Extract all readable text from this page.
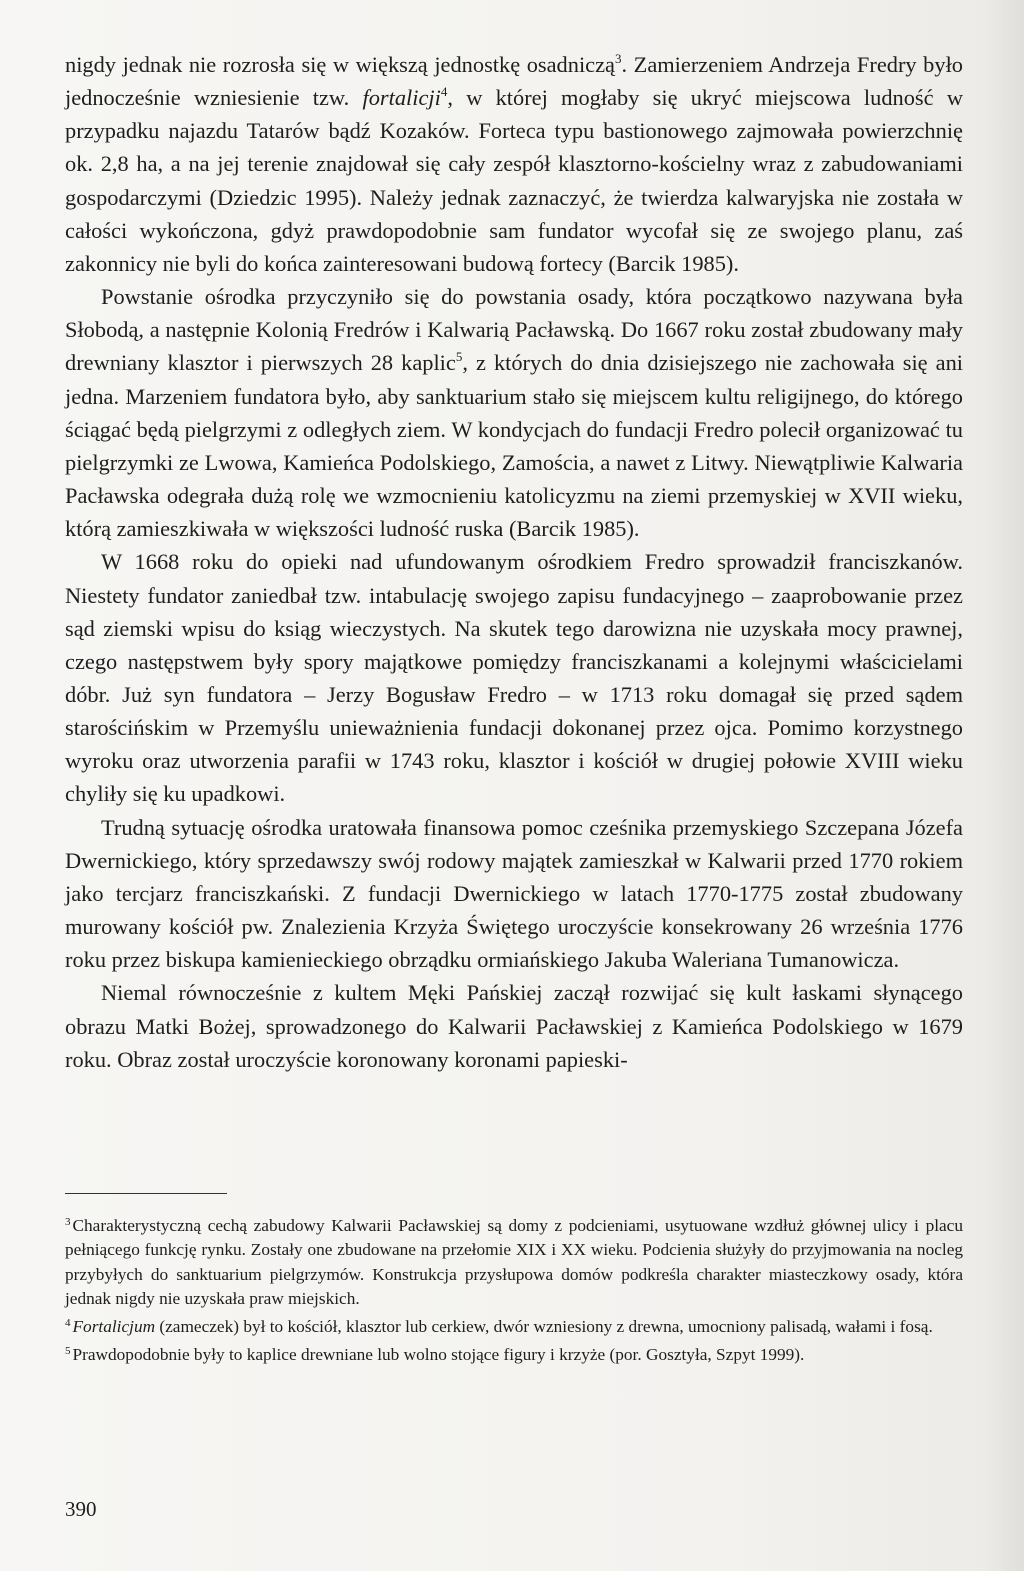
nigdy jednak nie rozrosła się w większą jednostkę osadniczą$^3$. Zamierzeniem Andrzeja Fredry było jednocześnie wzniesienie tzw. fortalicji$^4$, w której mogłaby się ukryć miejscowa ludność w przypadku najazdu Tatarów bądź Kozaków. Forteca typu bastionowego zajmowała powierzchnię ok. 2,8 ha, a na jej terenie znajdował się cały zespół klasztorno-kościelny wraz z zabudowaniami gospodarczymi (Dziedzic 1995). Należy jednak zaznaczyć, że twierdza kalwaryjska nie została w całości wykończona, gdyż prawdopodobnie sam fundator wycofał się ze swojego planu, zaś zakonnicy nie byli do końca zainteresowani budową fortecy (Barcik 1985).

Powstanie ośrodka przyczyniło się do powstania osady, która początkowo nazywana była Słobodą, a następnie Kolonią Fredrów i Kalwarią Pacławską. Do 1667 roku został zbudowany mały drewniany klasztor i pierwszych 28 kaplic$^5$, z których do dnia dzisiejszego nie zachowała się ani jedna. Marzeniem fundatora było, aby sanktuarium stało się miejscem kultu religijnego, do którego ściągać będą pielgrzymi z odległych ziem. W kondycjach do fundacji Fredro polecił organizować tu pielgrzymki ze Lwowa, Kamieńca Podolskiego, Zamościa, a nawet z Litwy. Niewątpliwie Kalwaria Pacławska odegrała dużą rolę we wzmocnieniu katolicyzmu na ziemi przemyskiej w XVII wieku, którą zamieszkiwała w większości ludność ruska (Barcik 1985).

W 1668 roku do opieki nad ufundowanym ośrodkiem Fredro sprowadził franciszkanów. Niestety fundator zaniedbał tzw. intabulację swojego zapisu fundacyjnego – zaaprobowanie przez sąd ziemski wpisu do ksiąg wieczystych. Na skutek tego darowizna nie uzyskała mocy prawnej, czego następstwem były spory majątkowe pomiędzy franciszkanami a kolejnymi właścicielami dóbr. Już syn fundatora – Jerzy Bogusław Fredro – w 1713 roku domagał się przed sądem starościńskim w Przemyślu unieważnienia fundacji dokonanej przez ojca. Pomimo korzystnego wyroku oraz utworzenia parafii w 1743 roku, klasztor i kościół w drugiej połowie XVIII wieku chyliły się ku upadkowi.

Trudną sytuację ośrodka uratowała finansowa pomoc cześnika przemyskiego Szczepana Józefa Dwernickiego, który sprzedawszy swój rodowy majątek zamieszkał w Kalwarii przed 1770 rokiem jako tercjarz franciszkański. Z fundacji Dwernickiego w latach 1770-1775 został zbudowany murowany kościół pw. Znalezienia Krzyża Świętego uroczyście konsekrowany 26 września 1776 roku przez biskupa kamienieckiego obrządku ormiańskiego Jakuba Waleriana Tumanowicza.

Niemal równocześnie z kultem Męki Pańskiej zaczął rozwijać się kult łaskami słynącego obrazu Matki Bożej, sprowadzonego do Kalwarii Pacławskiej z Kamieńca Podolskiego w 1679 roku. Obraz został uroczyście koronowany koronami papieski-

$^3$ Charakterystyczną cechą zabudowy Kalwarii Pacławskiej są domy z podcieniami, usytuowane wzdłuż głównej ulicy i placu pełniącego funkcję rynku. Zostały one zbudowane na przełomie XIX i XX wieku. Podcienia służyły do przyjmowania na nocleg przybyłych do sanktuarium pielgrzymów. Konstrukcja przysłupowa domów podkreśla charakter miasteczkowy osady, która jednak nigdy nie uzyskała praw miejskich.

$^4$ Fortalicjum (zameczek) był to kościół, klasztor lub cerkiew, dwór wzniesiony z drewna, umocniony palisadą, wałami i fosą.

$^5$ Prawdopodobnie były to kaplice drewniane lub wolno stojące figury i krzyże (por. Gosztyła, Szpyt 1999).

390
